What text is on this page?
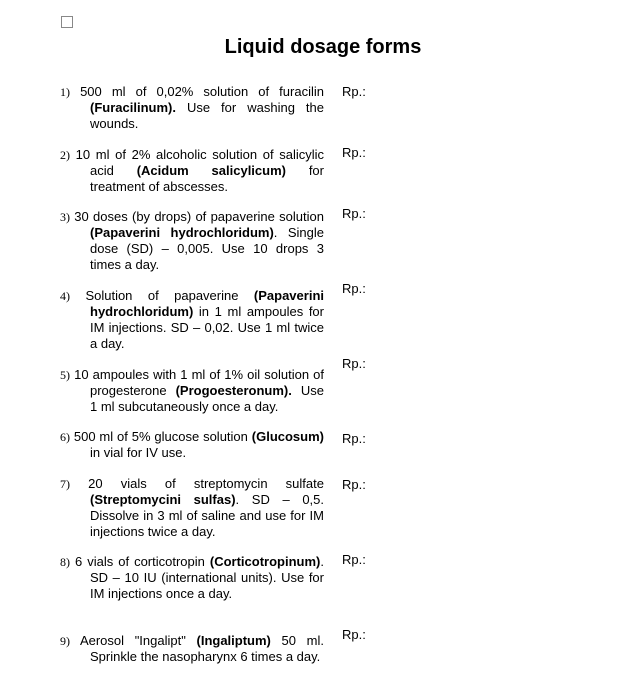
Liquid dosage forms
1) 500 ml of 0,02% solution of furacilin (Furacilinum). Use for washing the wounds.
Rp.:
2) 10 ml of 2% alcoholic solution of salicylic acid (Acidum salicylicum) for treatment of abscesses.
Rp.:
3) 30 doses (by drops) of papaverine solution (Papaverini hydrochloridum). Single dose (SD) – 0,005. Use 10 drops 3 times a day.
Rp.:
4) Solution of papaverine (Papaverini hydrochloridum) in 1 ml ampoules for IM injections. SD – 0,02. Use 1 ml twice a day.
Rp.:
5) 10 ampoules with 1 ml of 1% oil solution of progesterone (Progoesteronum). Use 1 ml subcutaneously once a day.
Rp.:
6) 500 ml of 5% glucose solution (Glucosum) in vial for IV use.
Rp.:
7) 20 vials of streptomycin sulfate (Streptomycini sulfas). SD – 0,5. Dissolve in 3 ml of saline and use for IM injections twice a day.
Rp.:
8) 6 vials of corticotropin (Corticotropinum). SD – 10 IU (international units). Use for IM injections once a day.
Rp.:
9) Aerosol "Ingalipt" (Ingaliptum) 50 ml. Sprinkle the nasopharynx 6 times a day.
Rp.:
